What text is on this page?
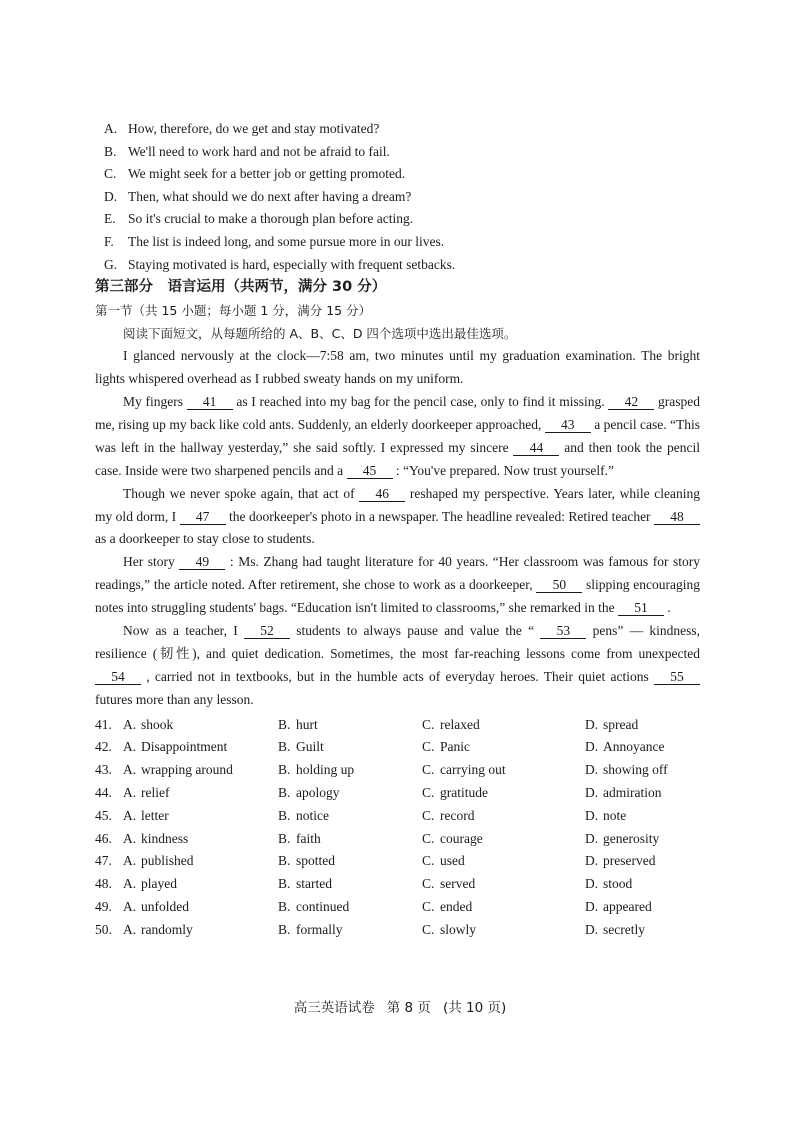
A. How, therefore, do we get and stay motivated?
B. We'll need to work hard and not be afraid to fail.
C. We might seek for a better job or getting promoted.
D. Then, what should we do next after having a dream?
E. So it's crucial to make a thorough plan before acting.
F.	The list is indeed long, and some pursue more in our lives.
G. Staying motivated is hard, especially with frequent setbacks.

第三部分　语言运用（共两节，满分 30 分）

第一节（共 15 小题；每小题 1 分，满分 15 分）

阅读下面短文，从每题所给的 A、B、C、D 四个选项中选出最佳选项。

I glanced nervously at the clock—7:58 am, two minutes until my graduation examination. The bright lights whispered overhead as I rubbed sweaty hands on my uniform.

My fingers 41 as I reached into my bag for the pencil case, only to find it missing. 42 grasped me, rising up my back like cold ants. Suddenly, an elderly doorkeeper approached, 43 a pencil case. “This was left in the hallway yesterday,” she said softly. I expressed my sincere 44 and then took the pencil case. Inside were two sharpened pencils and a 45 : “You've prepared. Now trust yourself.”

Though we never spoke again, that act of 46 reshaped my perspective. Years later, while cleaning my old dorm, I 47 the doorkeeper's photo in a newspaper. The headline revealed: Retired teacher 48 as a doorkeeper to stay close to students.

Her story 49 : Ms. Zhang had taught literature for 40 years. “Her classroom was famous for story readings,” the article noted. After retirement, she chose to work as a doorkeeper, 50 slipping encouraging notes into struggling students' bags. “Education isn't limited to classrooms,” she remarked in the 51 .

Now as a teacher, I 52 students to always pause and value the “ 53 pens” — kindness, resilience (韧性), and quiet dedication. Sometimes, the most far-reaching lessons come from unexpected 54 , carried not in textbooks, but in the humble acts of everyday heroes. Their quiet actions 55 futures more than any lesson.

41. A. shook	B. hurt	C. relaxed	D. spread
42. A. Disappointment	B. Guilt	C. Panic	D. Annoyance
43. A. wrapping around	B. holding up	C. carrying out	D. showing off
44. A. relief	B. apology	C. gratitude	D. admiration
45. A. letter	B. notice	C. record	D. note
46. A. kindness	B. faith	C. courage	D. generosity
47. A. published	B. spotted	C. used	D. preserved
48. A. played	B. started	C. served	D. stood
49. A. unfolded	B. continued	C. ended	D. appeared
50. A. randomly	B. formally	C. slowly	D. secretly
高三英语试卷 第 8 页 (共 10 页)
